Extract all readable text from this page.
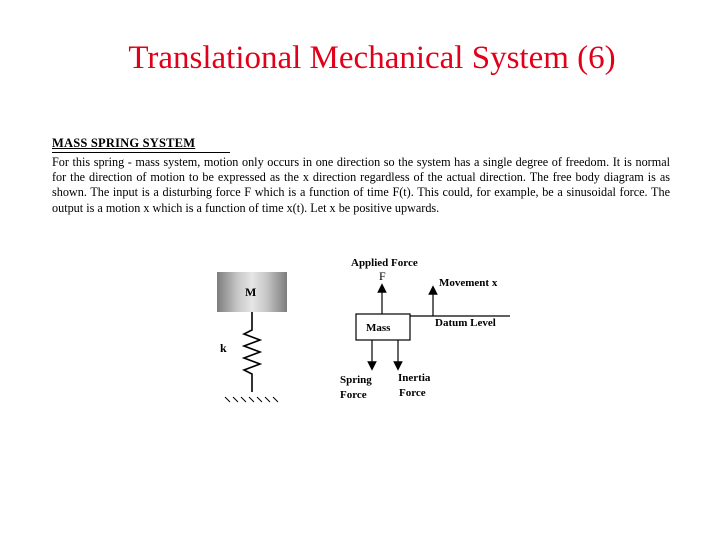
Translational Mechanical System (6)
MASS SPRING SYSTEM
For this spring - mass system, motion only occurs in one direction so the system has a single degree of freedom. It is normal for the direction of motion to be expressed as the x direction regardless of the actual direction. The free body diagram is as shown. The input is a disturbing force F which is a function of time F(t). This could, for example, be a sinusoidal force. The output is a motion x which is a function of time x(t). Let x be positive upwards.
M
k
Applied Force
F
Mass
Movement x
Datum Level
Spring
Force
Inertia
Force
